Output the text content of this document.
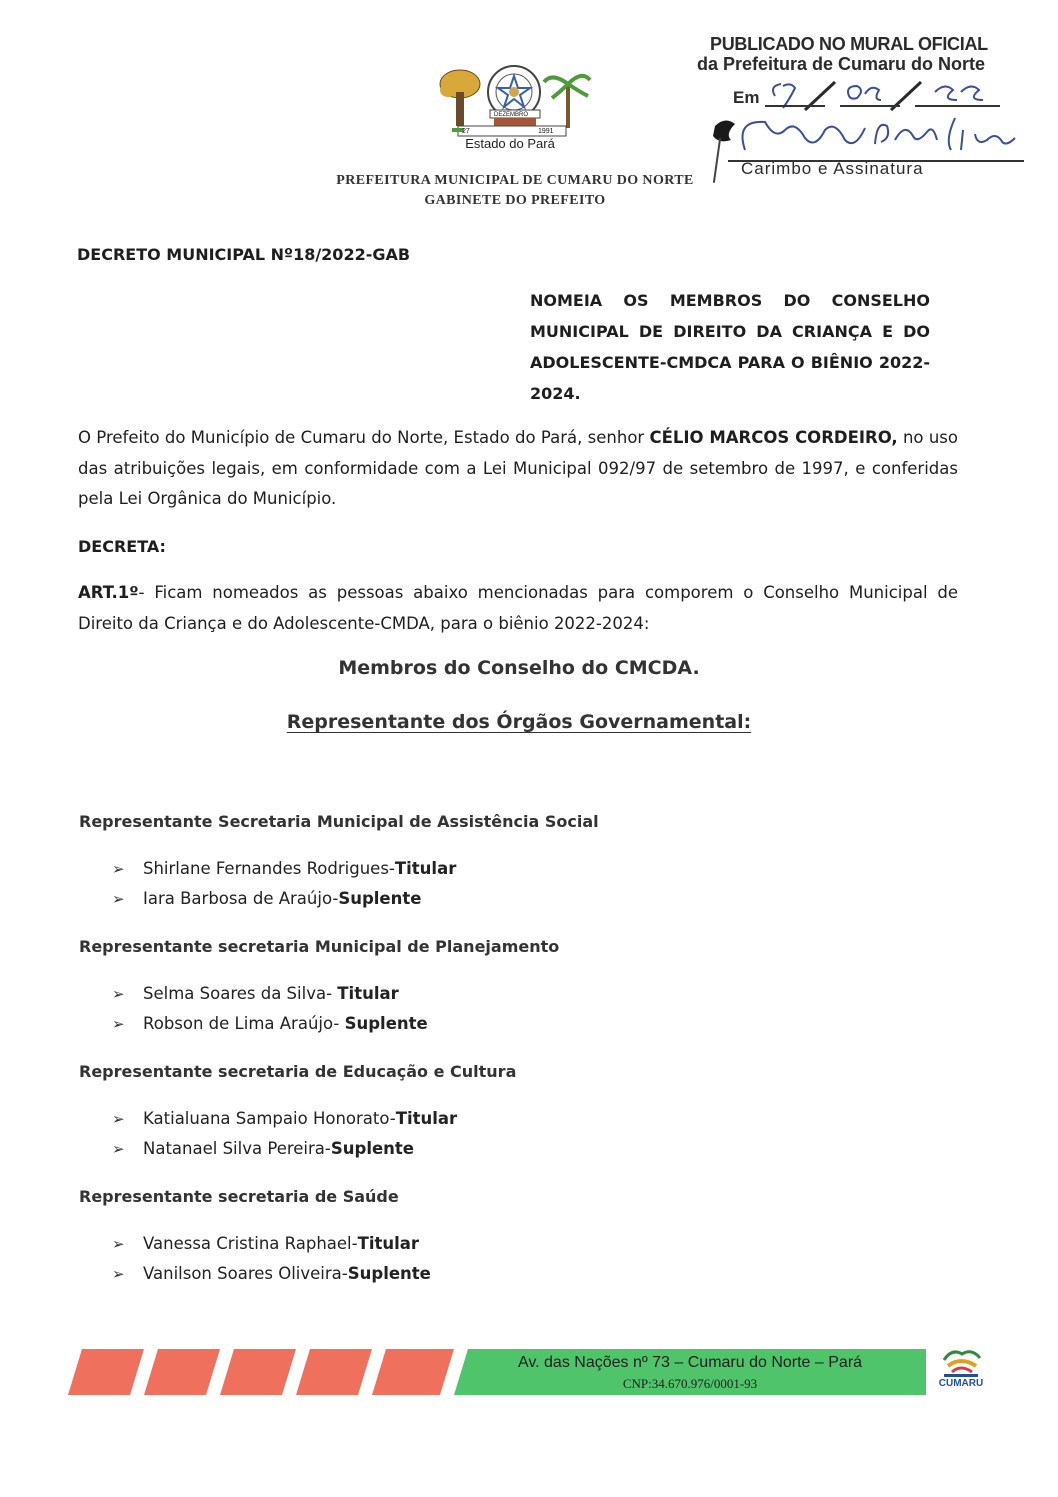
DEZEMBRO
27	1991
Estado do Pará
PUBLICADO NO MURAL OFICIAL
da Prefeitura de Cumaru do Norte
Em
Carimbo e Assinatura
PREFEITURA MUNICIPAL DE CUMARU DO NORTE
GABINETE DO PREFEITO
DECRETO MUNICIPAL Nº18/2022-GAB
NOMEIA OS MEMBROS DO CONSELHO MUNICIPAL DE DIREITO DA CRIANÇA E DO ADOLESCENTE-CMDCA PARA O BIÊNIO 2022-2024.
O Prefeito do Município de Cumaru do Norte, Estado do Pará, senhor CÉLIO MARCOS CORDEIRO, no uso das atribuições legais, em conformidade com a Lei Municipal 092/97 de setembro de 1997, e conferidas pela Lei Orgânica do Município.
DECRETA:
ART.1º- Ficam nomeados as pessoas abaixo mencionadas para comporem o Conselho Municipal de Direito da Criança e do Adolescente-CMDA, para o biênio 2022-2024:
Membros do Conselho do CMCDA.
Representante dos Órgãos Governamental:
Representante Secretaria Municipal de Assistência Social
➢ Shirlane Fernandes Rodrigues-Titular
➢ Iara Barbosa de Araújo-Suplente
Representante secretaria Municipal de Planejamento
➢ Selma Soares da Silva- Titular
➢ Robson de Lima Araújo- Suplente
Representante secretaria de Educação e Cultura
➢ Katialuana Sampaio Honorato-Titular
➢ Natanael Silva Pereira-Suplente
Representante secretaria de Saúde
➢ Vanessa Cristina Raphael-Titular
➢ Vanilson Soares Oliveira-Suplente
Av. das Nações nº 73 – Cumaru do Norte – Pará
CNP:34.670.976/0001-93	CUMARU
